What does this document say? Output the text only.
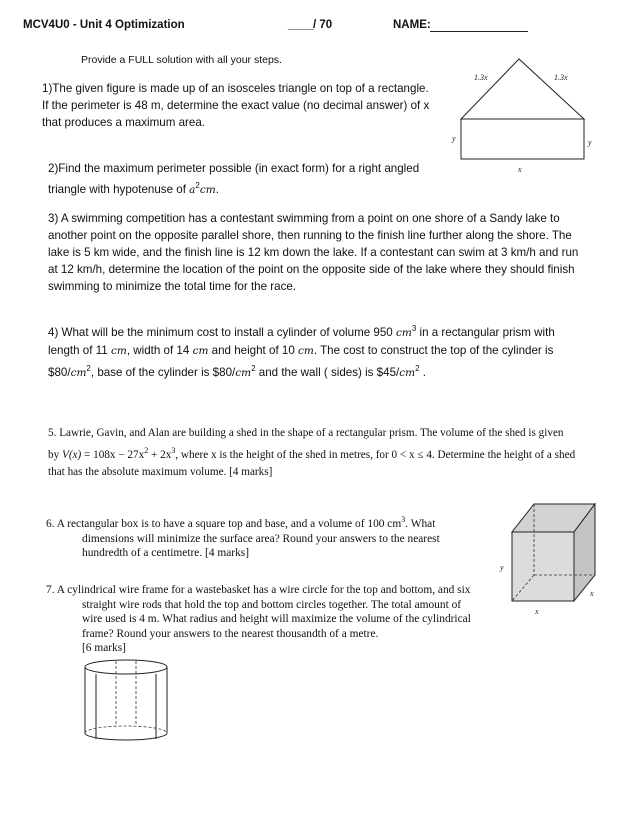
MCV4U0 - Unit 4 Optimization	____ / 70	NAME:
Provide a FULL solution with all your steps.
1)The given figure is made up of an isosceles triangle on top of a rectangle.
If the perimeter is 48 m, determine the exact value (no decimal answer) of x
that produces a maximum area.
1.3x	1.3x
y	y
x
2)Find the maximum perimeter possible (in exact form) for a right angled
triangle with hypotenuse of $a^2cm$.
3) A swimming competition has a contestant swimming from a point on one shore of a Sandy lake to
another point on the opposite parallel shore, then running to the finish line further along the shore. The
lake is 5 km wide, and the finish line is 12 km down the lake. If a contestant can swim at 3 km/h and run
at 12 km/h, determine the location of the point on the opposite side of the lake where they should finish
swimming to minimize the total time for the race.
4) What will be the minimum cost to install a cylinder of volume 950 $cm^3$ in a rectangular prism with
length of 11 cm, width of 14 cm and height of 10 cm. The cost to construct the top of the cylinder is
$\$80/cm^2$, base of the cylinder is $\$80/cm^2$ and the wall ( sides) is $\$45/cm^2$ .
5. Lawrie, Gavin, and Alan are building a shed in the shape of a rectangular prism. The volume of the shed is given
by $V(x) = 108x - 27x^2 + 2x^3$, where x is the height of the shed in metres, for 0 < x ≤ 4. Determine the height of a shed
that has the absolute maximum volume. [4 marks]
6. A rectangular box is to have a square top and base, and a volume of 100 $cm^3$. What
dimensions will minimize the surface area? Round your answers to the nearest
hundredth of a centimetre. [4 marks]
y
x
x
7. A cylindrical wire frame for a wastebasket has a wire circle for the top and bottom, and six
straight wire rods that hold the top and bottom circles together. The total amount of
wire used is 4 m. What radius and height will maximize the volume of the cylindrical
frame? Round your answers to the nearest thousandth of a metre.
[6 marks]
